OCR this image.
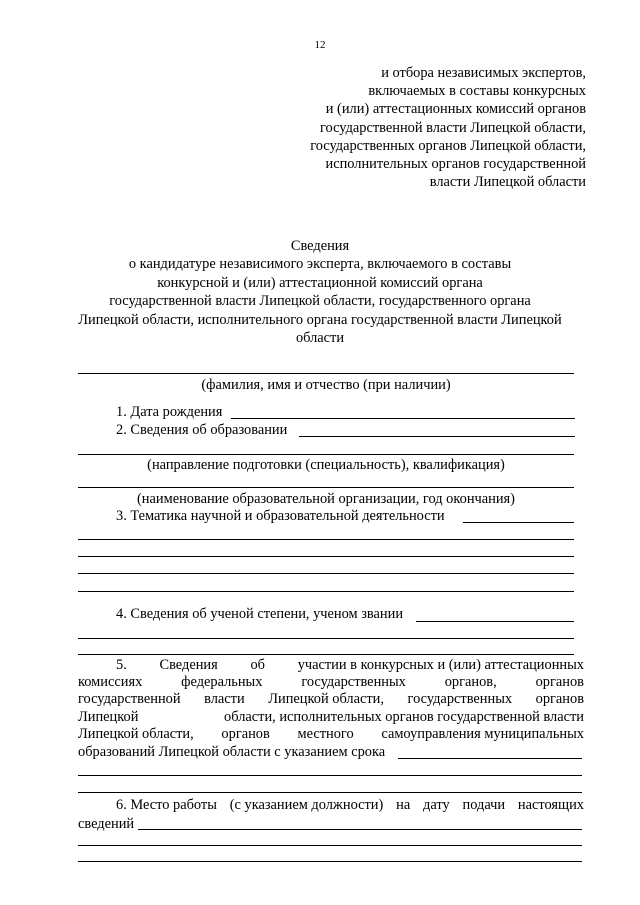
12
и отбора независимых экспертов,
включаемых в составы конкурсных
и (или) аттестационных комиссий органов
государственной власти Липецкой области,
государственных органов Липецкой области,
исполнительных органов государственной
власти Липецкой области
Сведения
о кандидатуре независимого эксперта, включаемого в составы
конкурсной и (или) аттестационной комиссий органа
государственной власти Липецкой области, государственного органа
Липецкой области, исполнительного органа государственной власти Липецкой
области
(фамилия, имя и отчество (при наличии)
1. Дата рождения
2. Сведения об образовании
(направление подготовки (специальность), квалификация)
(наименование образовательной организации, год окончания)
3. Тематика научной и образовательной деятельности
4. Сведения об ученой степени, ученом звании
5. Сведения об участии в конкурсных и (или) аттестационных
комиссиях	федеральных	государственных	органов,	органов
государственной власти Липецкой области, государственных органов
Липецкой	области, исполнительных органов государственной власти
Липецкой области, органов местного самоуправления муниципальных
образований Липецкой области с указанием срока
6. Место работы (с указанием должности) на дату подачи настоящих
сведений
